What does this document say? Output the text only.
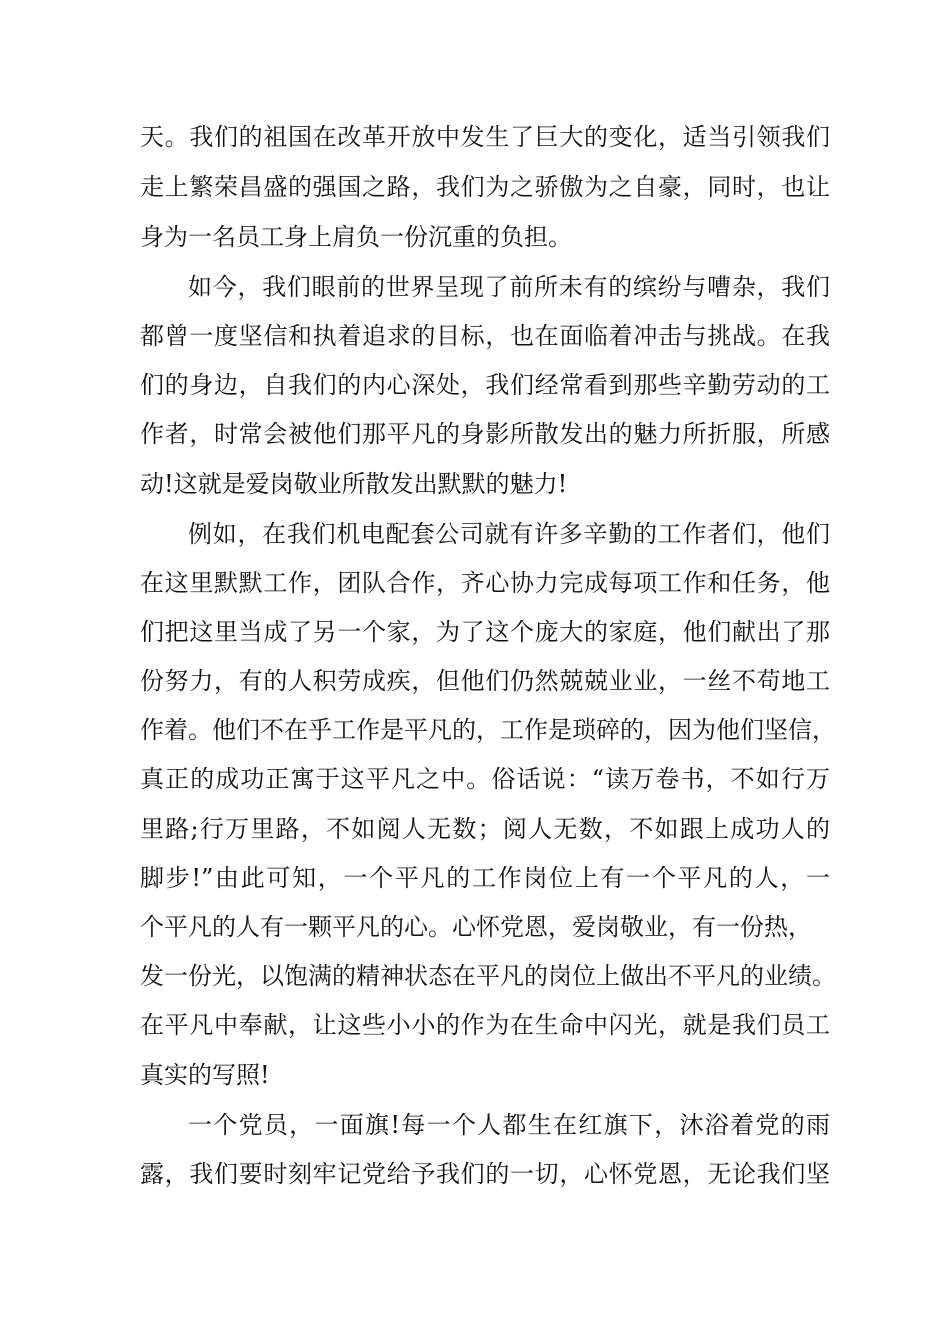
天。我们的祖国在改革开放中发生了巨大的变化，适当引领我们
走上繁荣昌盛的强国之路，我们为之骄傲为之自豪，同时，也让
身为一名员工身上肩负一份沉重的负担。
如今，我们眼前的世界呈现了前所未有的缤纷与嘈杂，我们
都曾一度坚信和执着追求的目标，也在面临着冲击与挑战。在我
们的身边，自我们的内心深处，我们经常看到那些辛勤劳动的工
作者，时常会被他们那平凡的身影所散发出的魅力所折服，所感
动!这就是爱岗敬业所散发出默默的魅力!
例如，在我们机电配套公司就有许多辛勤的工作者们，他们
在这里默默工作，团队合作，齐心协力完成每项工作和任务，他
们把这里当成了另一个家，为了这个庞大的家庭，他们献出了那
份努力，有的人积劳成疾，但他们仍然兢兢业业，一丝不苟地工
作着。他们不在乎工作是平凡的，工作是琐碎的，因为他们坚信，
真正的成功正寓于这平凡之中。俗话说：“读万卷书，不如行万
里路;行万里路，不如阅人无数；阅人无数，不如跟上成功人的
脚步!”由此可知，一个平凡的工作岗位上有一个平凡的人，一
个平凡的人有一颗平凡的心。心怀党恩，爱岗敬业，有一份热，
发一份光，以饱满的精神状态在平凡的岗位上做出不平凡的业绩。
在平凡中奉献，让这些小小的作为在生命中闪光，就是我们员工
真实的写照!
一个党员，一面旗!每一个人都生在红旗下，沐浴着党的雨
露，我们要时刻牢记党给予我们的一切，心怀党恩，无论我们坚
